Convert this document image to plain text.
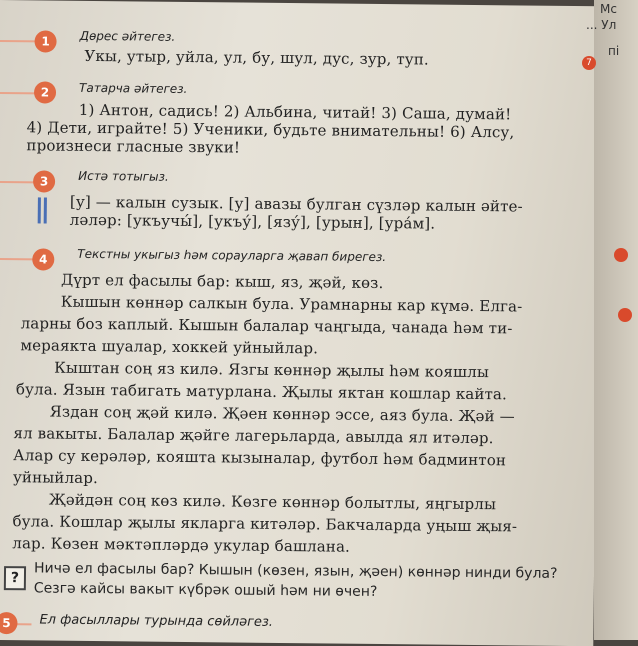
1	Дөрес әйтегез.
Укы, утыр, уйла, ул, бу, шул, дус, зур, туп.
2	Татарча әйтегез.
1) Антон, садись! 2) Альбина, читай! 3) Саша, думай!
4) Дети, играйте! 5) Ученики, будьте внимательны! 6) Алсу,
произнеси гласные звуки!
3	Истә тотыгыз.
[у] — калын сузык. [у] авазы булган сүзләр калын әйте-
ләләр: [укъучы́], [укъу́], [язу́], [урын], [ура́м].
4	Текстны укыгыз һәм сорауларга җавап бирегез.
Дүрт ел фасылы бар: кыш, яз, җәй, көз.
Кышын көннәр салкын була. Урамнарны кар күмә. Елга-
ларны боз каплый. Кышын балалар чаңгыда, чанада һәм ти-
мераякта шуалар, хоккей уйныйлар.
Кыштан соң яз килә. Язгы көннәр җылы һәм кояшлы
була. Язын табигать матурлана. Җылы яктан кошлар кайта.
Яздан соң җәй килә. Җәен көннәр эссе, аяз була. Җәй —
ял вакыты. Балалар җәйге лагерьларда, авылда ял итәләр.
Алар су керәләр, кояшта кызыналар, футбол һәм бадминтон
уйныйлар.
Җәйдән соң көз килә. Көзге көннәр болытлы, яңгырлы
була. Кошлар җылы якларга китәләр. Бакчаларда уңыш җыя-
лар. Көзен мәктәпләрдә укулар башлана.
?	Ничә ел фасылы бар? Кышын (көзен, язын, җәен) көннәр нинди була?
Сезгә кайсы вакыт күбрәк ошый һәм ни өчен?
5	Ел фасыллары турында сөйләгез.
Мс
... Ул
7
пі
